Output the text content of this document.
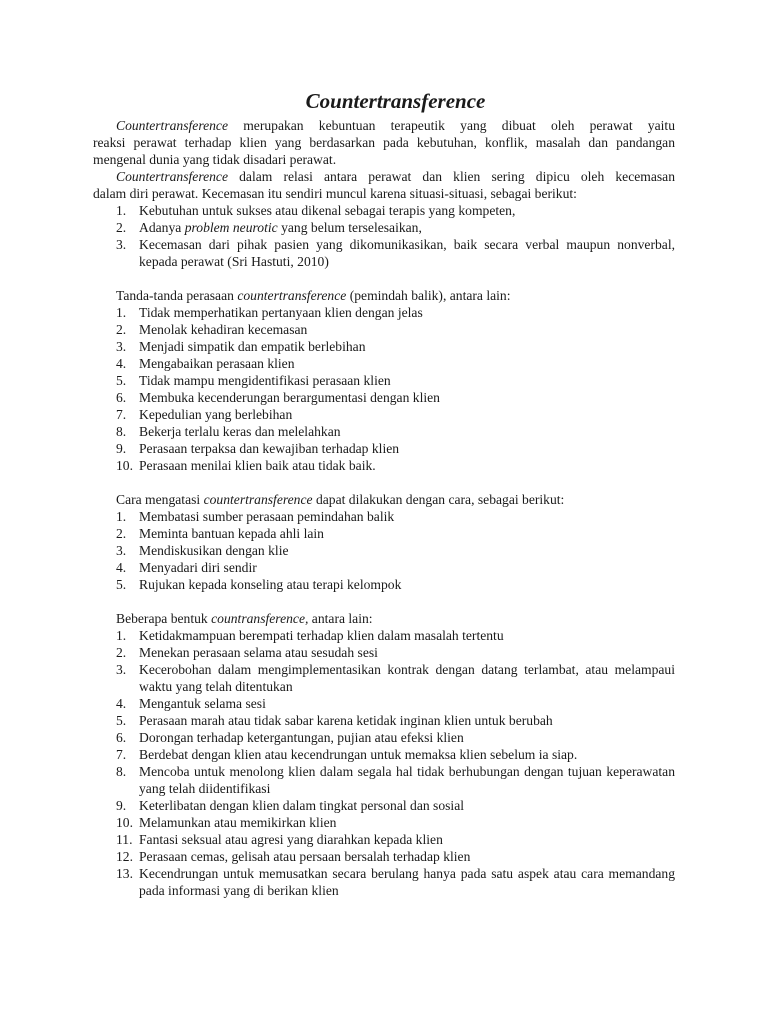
Countertransference
Countertransference merupakan kebuntuan terapeutik yang dibuat oleh perawat yaitu
reaksi perawat terhadap klien yang berdasarkan pada kebutuhan, konflik, masalah dan pandangan mengenal dunia yang tidak disadari perawat.
Countertransference dalam relasi antara perawat dan klien sering dipicu oleh kecemasan
dalam diri perawat. Kecemasan itu sendiri muncul karena situasi-situasi, sebagai berikut:
1. Kebutuhan untuk sukses atau dikenal sebagai terapis yang kompeten,
2. Adanya problem neurotic yang belum terselesaikan,
3. Kecemasan dari pihak pasien yang dikomunikasikan, baik secara verbal maupun nonverbal, kepada perawat (Sri Hastuti, 2010)
Tanda-tanda perasaan countertransference (pemindah balik), antara lain:
1. Tidak memperhatikan pertanyaan klien dengan jelas
2. Menolak kehadiran kecemasan
3. Menjadi simpatik dan empatik berlebihan
4. Mengabaikan perasaan klien
5. Tidak mampu mengidentifikasi perasaan klien
6. Membuka kecenderungan berargumentasi dengan klien
7. Kepedulian yang berlebihan
8. Bekerja terlalu keras dan melelahkan
9. Perasaan terpaksa dan kewajiban terhadap klien
10. Perasaan menilai klien baik atau tidak baik.
Cara mengatasi countertransference dapat dilakukan dengan cara, sebagai berikut:
1. Membatasi sumber perasaan pemindahan balik
2. Meminta bantuan kepada ahli lain
3. Mendiskusikan dengan klie
4. Menyadari diri sendir
5. Rujukan kepada konseling atau terapi kelompok
Beberapa bentuk countransference, antara lain:
1. Ketidakmampuan berempati terhadap klien dalam masalah tertentu
2. Menekan perasaan selama atau sesudah sesi
3. Kecerobohan dalam mengimplementasikan kontrak dengan datang terlambat, atau melampaui waktu yang telah ditentukan
4. Mengantuk selama sesi
5. Perasaan marah atau tidak sabar karena ketidak inginan klien untuk berubah
6. Dorongan terhadap ketergantungan, pujian atau efeksi klien
7. Berdebat dengan klien atau kecendrungan untuk memaksa klien sebelum ia siap.
8. Mencoba untuk menolong klien dalam segala hal tidak berhubungan dengan tujuan keperawatan yang telah diidentifikasi
9. Keterlibatan dengan klien dalam tingkat personal dan sosial
10. Melamunkan atau memikirkan klien
11. Fantasi seksual atau agresi yang diarahkan kepada klien
12. Perasaan cemas, gelisah atau persaan bersalah terhadap klien
13. Kecendrungan untuk memusatkan secara berulang hanya pada satu aspek atau cara memandang pada informasi yang di berikan klien
